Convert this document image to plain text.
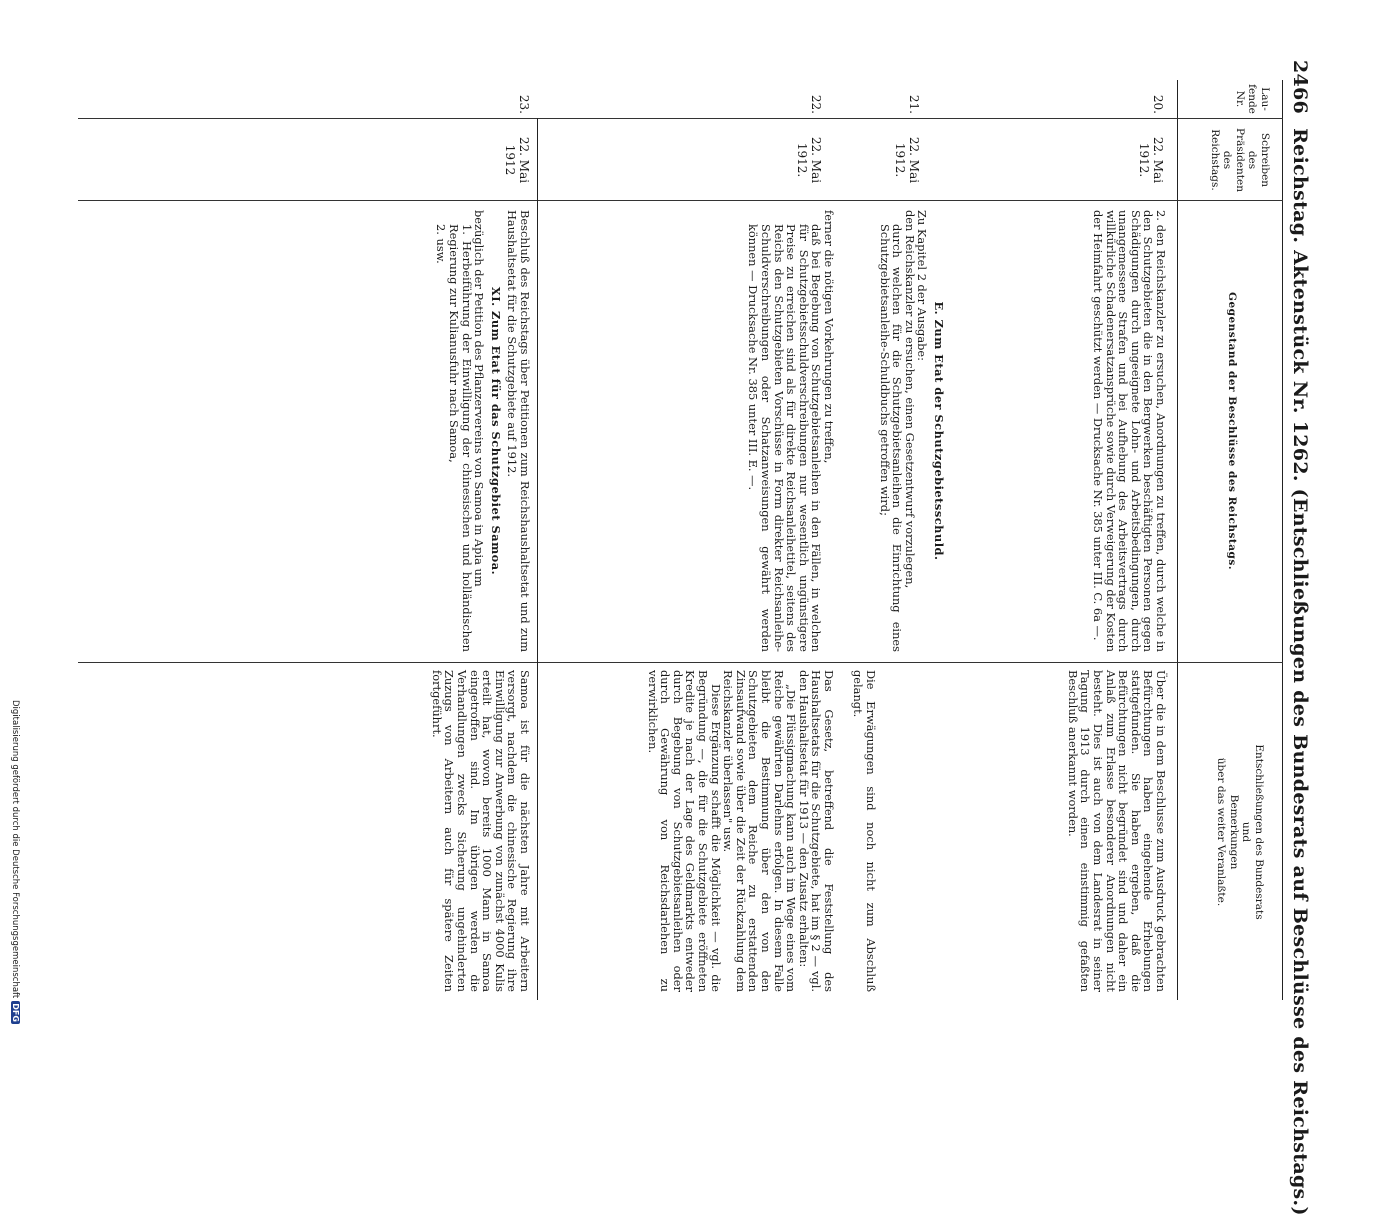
2466Reichstag. Aktenstück Nr. 1262. (Entschließungen des Bundesrats auf Beschlüsse des Reichstags.)
Lau-
fende
Nr.
Schreiben
des
Präsidenten
des
Reichstags.
Gegenstand der Beschlüsse des Reichstags.
Entschließungen des Bundesrats
und
Bemerkungen
über das weiter Veranlaßte.
20.
22. Mai
1912.

2. den Reichskanzler zu ersuchen, Anordnungen zu treffen, durch welche in den Schutzgebieten die in den Bergwerken beschäftigten Personen gegen Schädigungen durch ungeeignete Lohn- und Arbeitsbedingungen, durch unangemessene Strafen und bei Aufhebung des Arbeitsvertrags durch willkürliche Schadenersatzansprüche sowie durch Verweigerung der Kosten der Heimfahrt geschützt werden — Drucksache Nr. 385 unter III. C. 6a —.

Über die in dem Beschlusse zum Ausdruck gebrachten Befürchtungen haben eingehende Erhebungen stattgefunden. Sie haben ergeben, daß die Befürchtungen nicht begründet sind und daher ein Anlaß zum Erlasse besonderer Anordnungen nicht besteht. Dies ist auch von dem Landesrat in seiner Tagung 1913 durch einen einstimmig gefaßten Beschluß anerkannt worden.

21.
22. Mai
1912.

E. Zum Etat der Schutzgebietsschuld.

Zu Kapitel 2 der Ausgabe:

den Reichskanzler zu ersuchen, einen Gesetzentwurf vorzulegen,

durch welchen für die Schutzgebietsanleihen die Einrichtung eines Schutzgebietsanleihe-Schuldbuchs getroffen wird;

Die Erwägungen sind noch nicht zum Abschluß gelangt.

22.
22. Mai
1912.

ferner die nötigen Vorkehrungen zu treffen,

daß bei Begebung von Schutzgebietsanleihen in den Fällen, in welchen für Schutzgebietsschuldverschreibungen nur wesentlich ungünstigere Preise zu erreichen sind als für direkte Reichsanleihetitel, seitens des Reichs den Schutzgebieten Vorschüsse in Form direkter Reichsanleihe-Schuldverschreibungen oder Schatzanweisungen gewährt werden können — Drucksache Nr. 385 unter III. E. —.

Das Gesetz, betreffend die Feststellung des Haushaltsetats für die Schutzgebiete, hat im § 2 — vgl. den Haushaltsetat für 1913 — den Zusatz erhalten:

„Die Flüssigmachung kann auch im Wege eines vom Reiche gewährten Darlehns erfolgen. In diesem Falle bleibt die Bestimmung über den von den Schutzgebieten dem Reiche zu erstattenden Zinsaufwand sowie über die Zeit der Rückzahlung dem Reichskanzler überlassen" usw.

Diese Ergänzung schafft die Möglichkeit — vgl. die Begründung —, die für die Schutzgebiete eröffneten Kredite je nach der Lage des Geldmarkts entweder durch Begebung von Schutzgebietsanleihen oder durch Gewährung von Reichsdarlehen zu verwirklichen.

23.
22. Mai
1912

Beschluß des Reichstags über Petitionen zum Reichshaushaltsetat und zum Haushaltsetat für die Schutzgebiete auf 1912.

XI. Zum Etat für das Schutzgebiet Samoa.

bezüglich der Petition des Pflanzervereins von Samoa in Apia um

1. Herbeiführung der Einwilligung der chinesischen und holländischen Regierung zur Kulianusfuhr nach Samoa,

2. usw.

Samoa ist für die nächsten Jahre mit Arbeitern versorgt, nachdem die chinesische Regierung ihre Einwilligung zur Anwerbung von zunächst 4000 Kulis erteilt hat, wovon bereits 1000 Mann in Samoa eingetroffen sind. Im übrigen werden die Verhandlungen zwecks Sicherung ungehinderten Zuzugs von Arbeitern auch für spätere Zeiten fortgeführt.

Digitalisierung gefördert durch die Deutsche ForschungsgemeinschaftDFG
